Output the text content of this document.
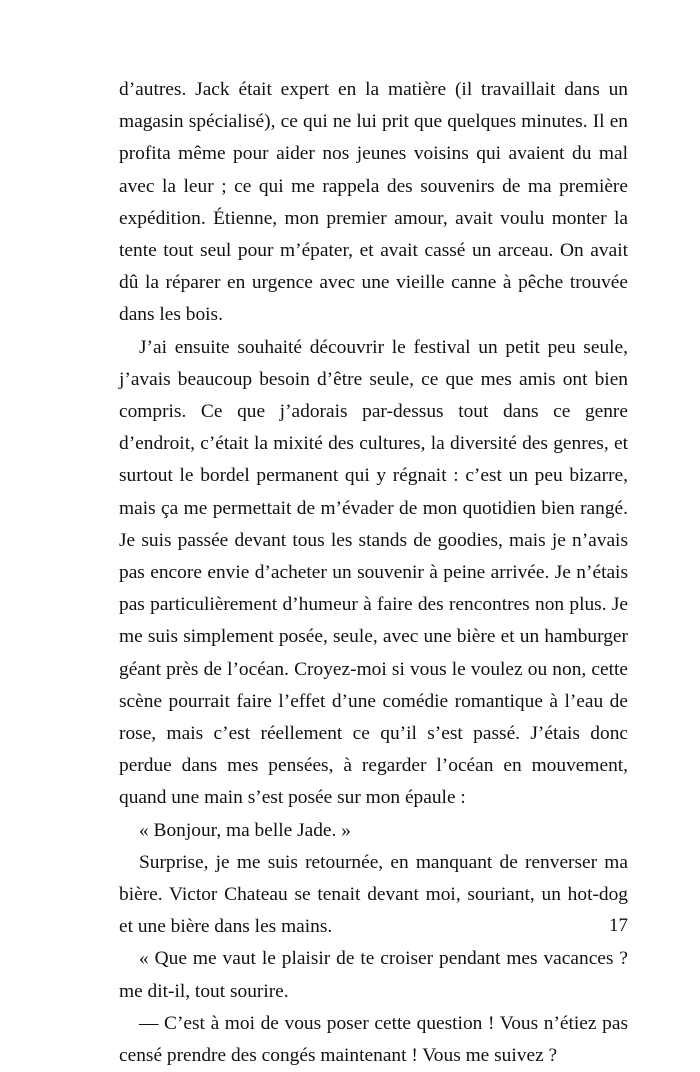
d’autres. Jack était expert en la matière (il travaillait dans un magasin spécialisé), ce qui ne lui prit que quelques minutes. Il en profita même pour aider nos jeunes voisins qui avaient du mal avec la leur ; ce qui me rappela des souvenirs de ma première expédition. Étienne, mon premier amour, avait voulu monter la tente tout seul pour m’épater, et avait cassé un arceau. On avait dû la réparer en urgence avec une vieille canne à pêche trouvée dans les bois.

J’ai ensuite souhaité découvrir le festival un petit peu seule, j’avais beaucoup besoin d’être seule, ce que mes amis ont bien compris. Ce que j’adorais par-dessus tout dans ce genre d’endroit, c’était la mixité des cultures, la diversité des genres, et surtout le bordel permanent qui y régnait : c’est un peu bizarre, mais ça me permettait de m’évader de mon quotidien bien rangé. Je suis passée devant tous les stands de goodies, mais je n’avais pas encore envie d’acheter un souvenir à peine arrivée. Je n’étais pas particulièrement d’humeur à faire des rencontres non plus. Je me suis simplement posée, seule, avec une bière et un hamburger géant près de l’océan. Croyez-moi si vous le voulez ou non, cette scène pourrait faire l’effet d’une comédie romantique à l’eau de rose, mais c’est réellement ce qu’il s’est passé. J’étais donc perdue dans mes pensées, à regarder l’océan en mouvement, quand une main s’est posée sur mon épaule :

« Bonjour, ma belle Jade. »

Surprise, je me suis retournée, en manquant de renverser ma bière. Victor Chateau se tenait devant moi, souriant, un hot-dog et une bière dans les mains.

« Que me vaut le plaisir de te croiser pendant mes vacances ? me dit-il, tout sourire.

— C’est à moi de vous poser cette question ! Vous n’étiez pas censé prendre des congés maintenant ! Vous me suivez ?

17
